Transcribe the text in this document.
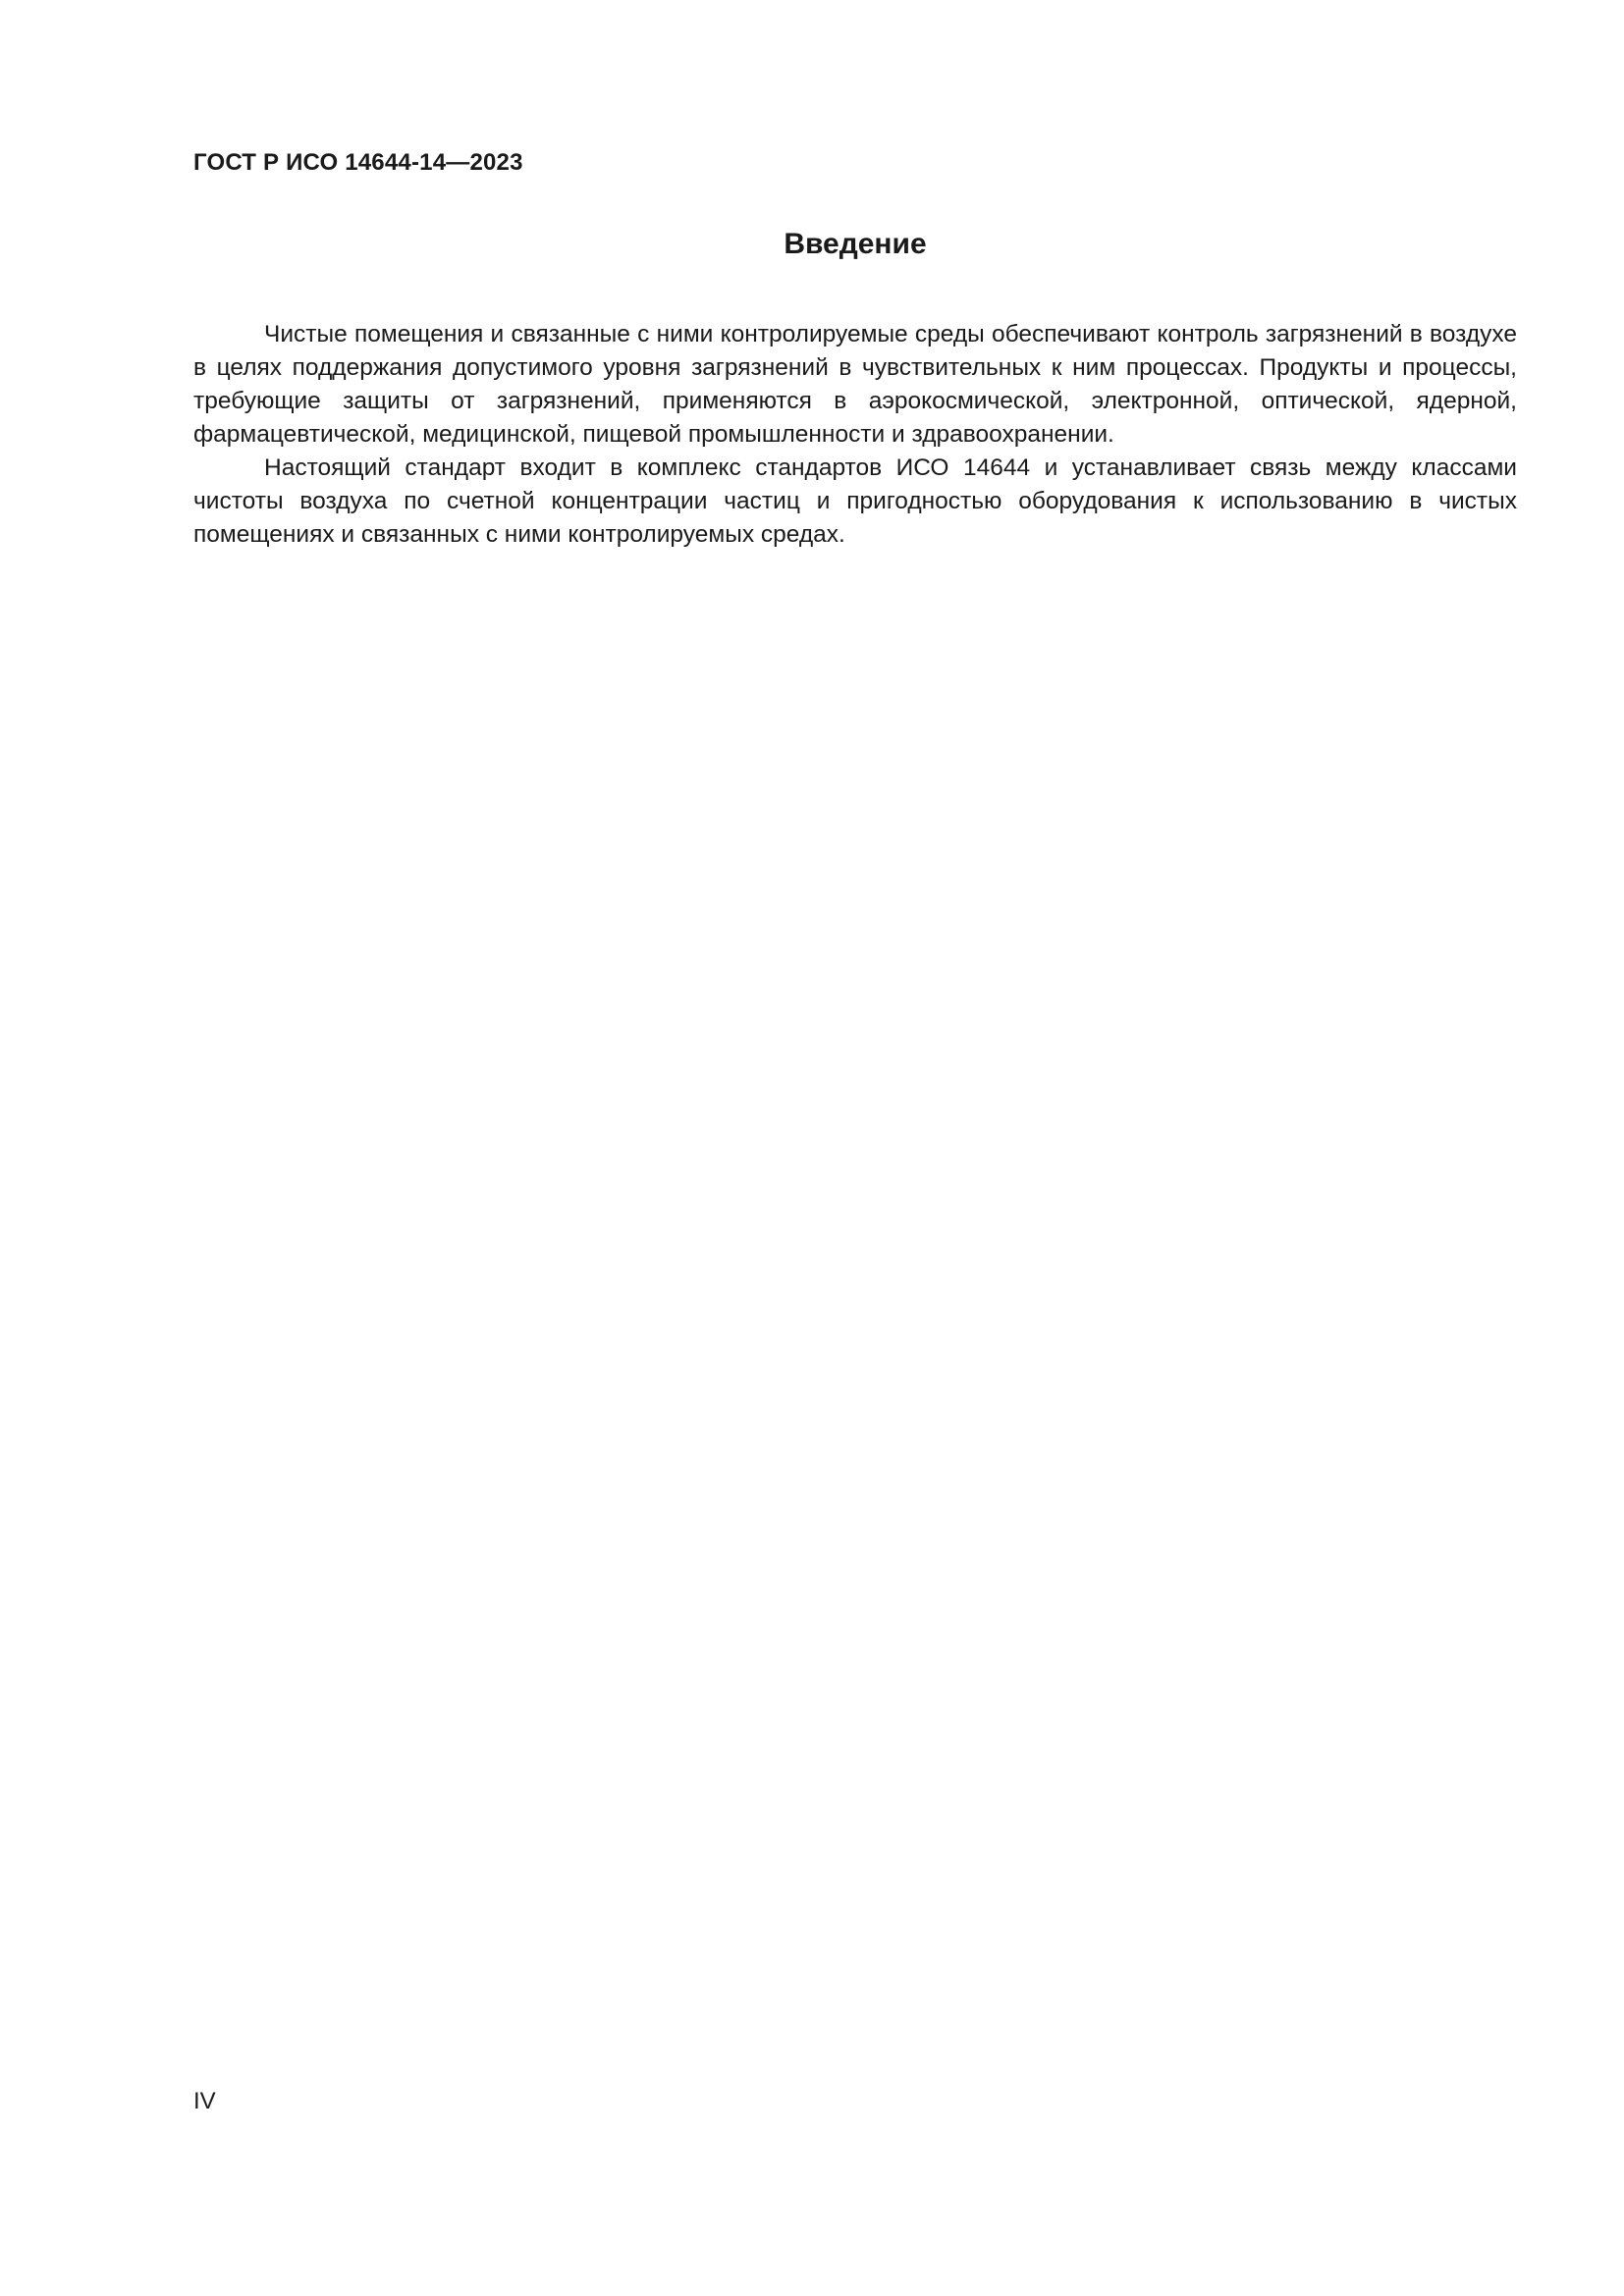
ГОСТ Р ИСО 14644-14—2023
Введение

Чистые помещения и связанные с ними контролируемые среды обеспечивают контроль загрязнений в воздухе в целях поддержания допустимого уровня загрязнений в чувствительных к ним процессах. Продукты и процессы, требующие защиты от загрязнений, применяются в аэрокосмической, электронной, оптической, ядерной, фармацевтической, медицинской, пищевой промышленности и здравоохранении.

Настоящий стандарт входит в комплекс стандартов ИСО 14644 и устанавливает связь между классами чистоты воздуха по счетной концентрации частиц и пригодностью оборудования к использованию в чистых помещениях и связанных с ними контролируемых средах.

IV
